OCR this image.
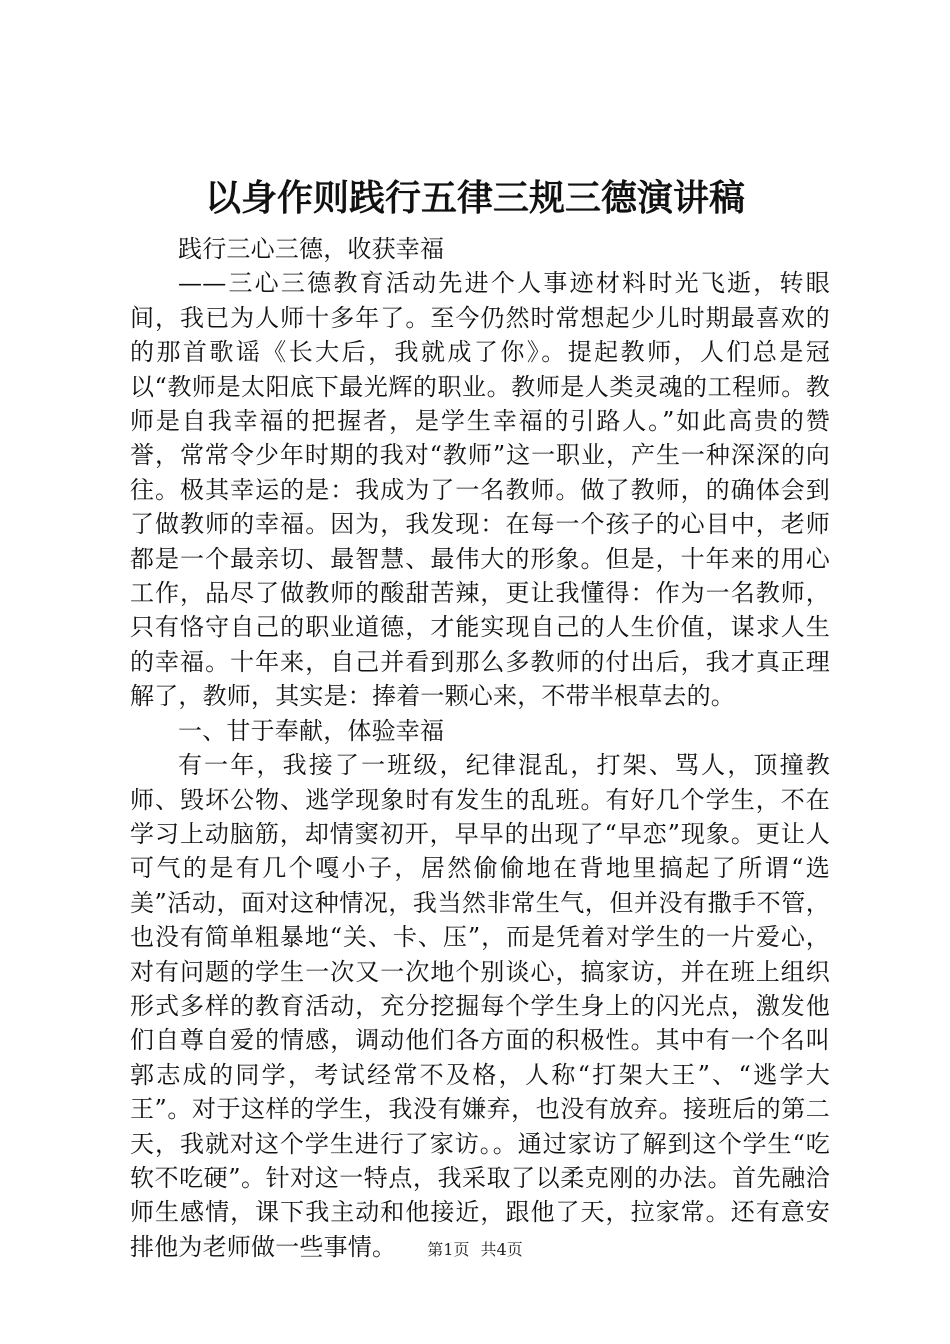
以身作则践行五律三规三德演讲稿

践行三心三德，收获幸福

——三心三德教育活动先进个人事迹材料时光飞逝，转眼间，我已为人师十多年了。至今仍然时常想起少儿时期最喜欢的的那首歌谣《长大后，我就成了你》。提起教师，人们总是冠以“教师是太阳底下最光辉的职业。教师是人类灵魂的工程师。教师是自我幸福的把握者，是学生幸福的引路人。”如此高贵的赞誉，常常令少年时期的我对“教师”这一职业，产生一种深深的向往。极其幸运的是：我成为了一名教师。做了教师，的确体会到了做教师的幸福。因为，我发现：在每一个孩子的心目中，老师都是一个最亲切、最智慧、最伟大的形象。但是，十年来的用心工作，品尽了做教师的酸甜苦辣，更让我懂得：作为一名教师，只有恪守自己的职业道德，才能实现自己的人生价值，谋求人生的幸福。十年来，自己并看到那么多教师的付出后，我才真正理解了，教师，其实是：捧着一颗心来，不带半根草去的。

一、甘于奉献，体验幸福

有一年，我接了一班级，纪律混乱，打架、骂人，顶撞教师、毁坏公物、逃学现象时有发生的乱班。有好几个学生，不在学习上动脑筋，却情窦初开，早早的出现了“早恋”现象。更让人可气的是有几个嘎小子，居然偷偷地在背地里搞起了所谓“选美”活动，面对这种情况，我当然非常生气，但并没有撒手不管，也没有简单粗暴地“关、卡、压”，而是凭着对学生的一片爱心，对有问题的学生一次又一次地个别谈心，搞家访，并在班上组织形式多样的教育活动，充分挖掘每个学生身上的闪光点，激发他们自尊自爱的情感，调动他们各方面的积极性。其中有一个名叫郭志成的同学，考试经常不及格，人称“打架大王”、“逃学大王”。对于这样的学生，我没有嫌弃，也没有放弃。接班后的第二天，我就对这个学生进行了家访。。通过家访了解到这个学生“吃软不吃硬”。针对这一特点，我采取了以柔克刚的办法。首先融洽师生感情，课下我主动和他接近，跟他了天，拉家常。还有意安排他为老师做一些事情。	第1页 共4页
